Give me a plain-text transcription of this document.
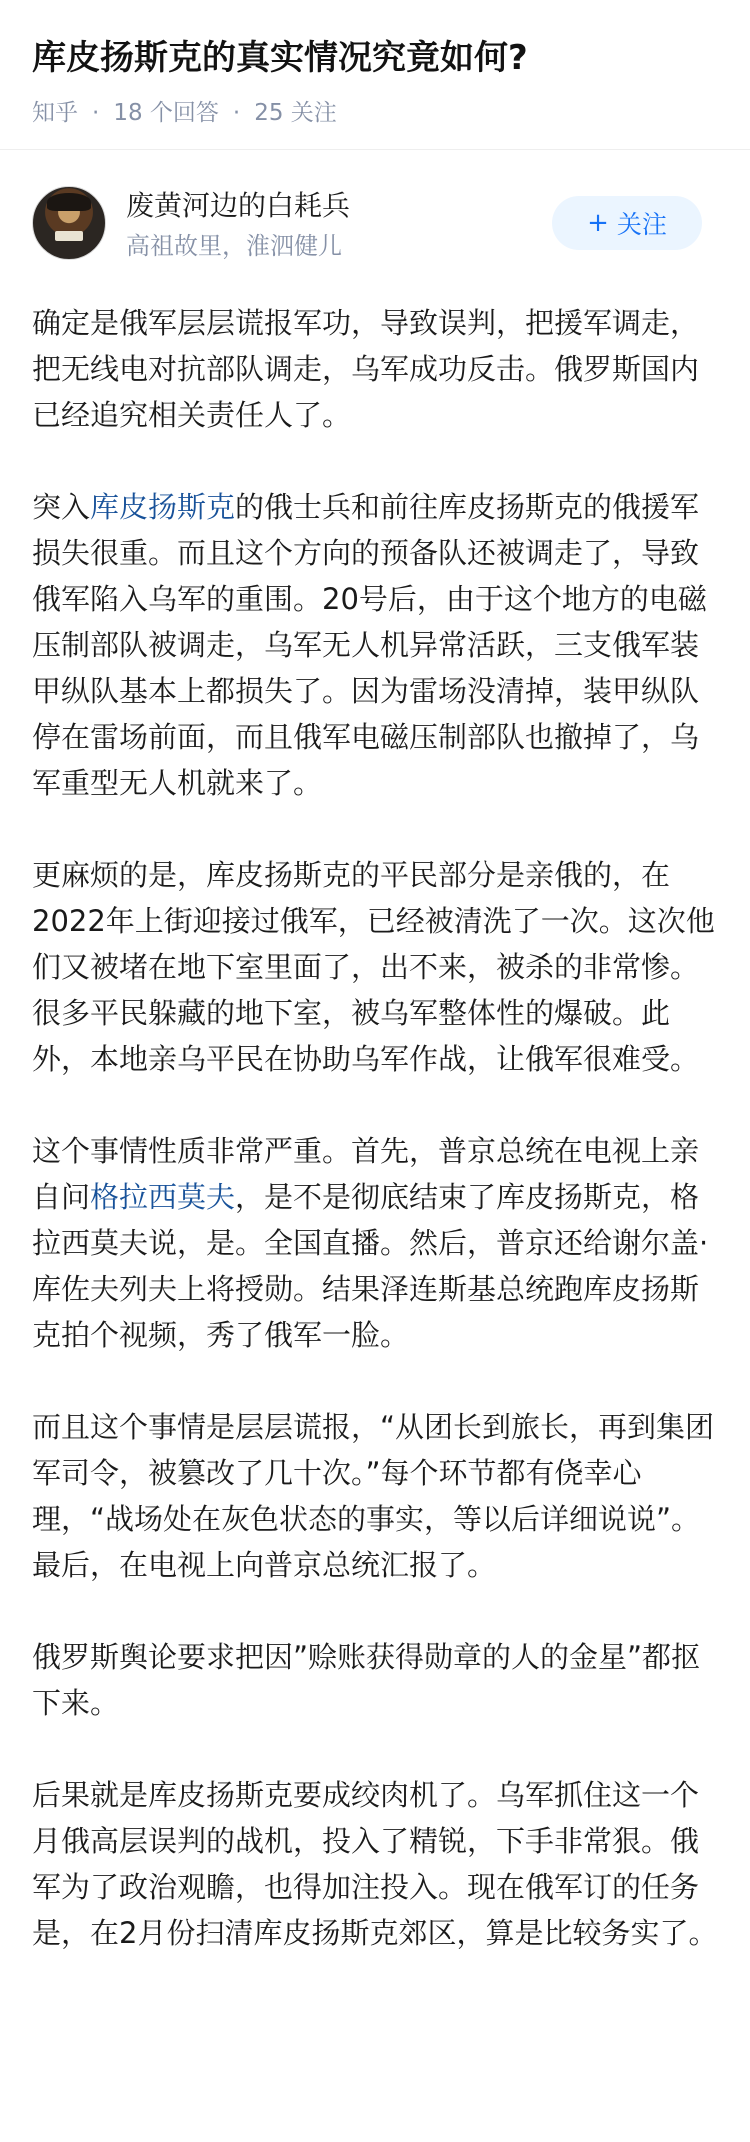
库皮扬斯克的真实情况究竟如何?
知乎 · 18 个回答 · 25 关注
废黄河边的白耗兵
高祖故里，淮泗健儿
+ 关注

确定是俄军层层谎报军功，导致误判，把援军调走，把无线电对抗部队调走，乌军成功反击。俄罗斯国内已经追究相关责任人了。

突入库皮扬斯克的俄士兵和前往库皮扬斯克的俄援军损失很重。而且这个方向的预备队还被调走了，导致俄军陷入乌军的重围。20号后，由于这个地方的电磁压制部队被调走，乌军无人机异常活跃，三支俄军装甲纵队基本上都损失了。因为雷场没清掉，装甲纵队停在雷场前面，而且俄军电磁压制部队也撤掉了，乌军重型无人机就来了。

更麻烦的是，库皮扬斯克的平民部分是亲俄的，在2022年上街迎接过俄军，已经被清洗了一次。这次他们又被堵在地下室里面了，出不来，被杀的非常惨。很多平民躲藏的地下室，被乌军整体性的爆破。此外，本地亲乌平民在协助乌军作战，让俄军很难受。

这个事情性质非常严重。首先，普京总统在电视上亲自问格拉西莫夫，是不是彻底结束了库皮扬斯克，格拉西莫夫说，是。全国直播。然后，普京还给谢尔盖·库佐夫列夫上将授勋。结果泽连斯基总统跑库皮扬斯克拍个视频，秀了俄军一脸。

而且这个事情是层层谎报，“从团长到旅长，再到集团军司令，被篡改了几十次。”每个环节都有侥幸心理，“战场处在灰色状态的事实，等以后详细说说”。最后，在电视上向普京总统汇报了。

俄罗斯舆论要求把因”赊账获得勋章的人的金星”都抠下来。

后果就是库皮扬斯克要成绞肉机了。乌军抓住这一个月俄高层误判的战机，投入了精锐，下手非常狠。俄军为了政治观瞻，也得加注投入。现在俄军订的任务是，在2月份扫清库皮扬斯克郊区，算是比较务实了。
